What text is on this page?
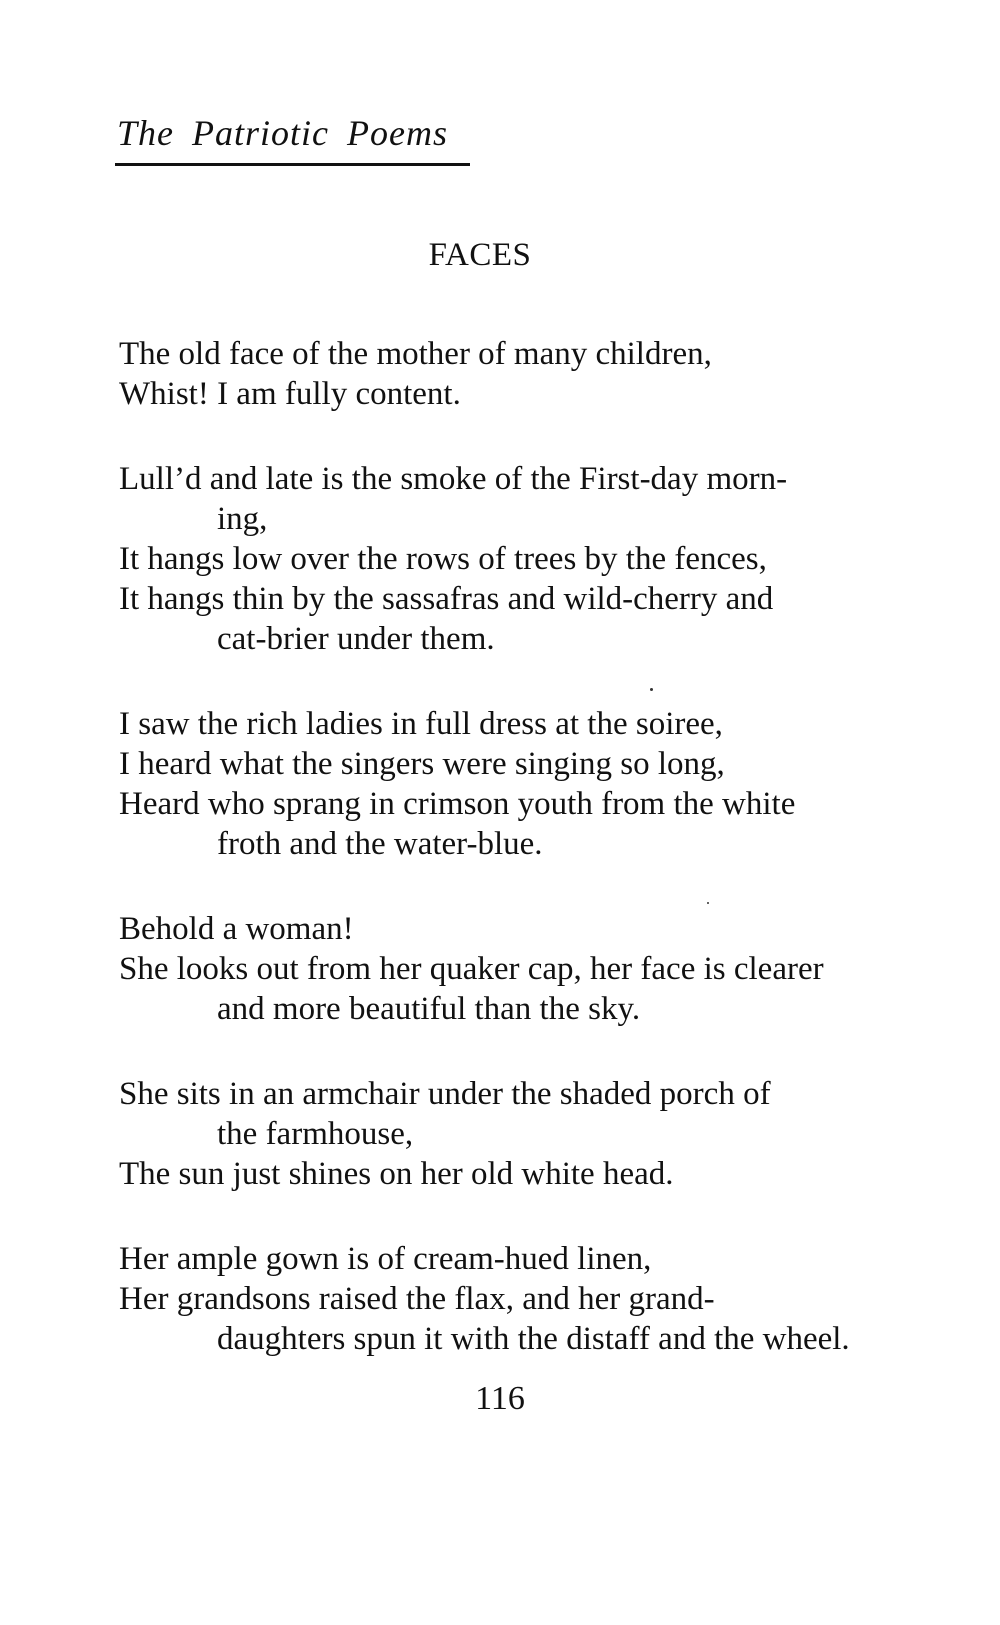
The Patriotic Poems
FACES
The old face of the mother of many children,
Whist! I am fully content.
Lull’d and late is the smoke of the First-day morn-
ing,
It hangs low over the rows of trees by the fences,
It hangs thin by the sassafras and wild-cherry and
cat-brier under them.
I saw the rich ladies in full dress at the soiree,
I heard what the singers were singing so long,
Heard who sprang in crimson youth from the white
froth and the water-blue.
Behold a woman!
She looks out from her quaker cap, her face is clearer
and more beautiful than the sky.
She sits in an armchair under the shaded porch of
the farmhouse,
The sun just shines on her old white head.
Her ample gown is of cream-hued linen,
Her grandsons raised the flax, and her grand-
daughters spun it with the distaff and the wheel.
116
